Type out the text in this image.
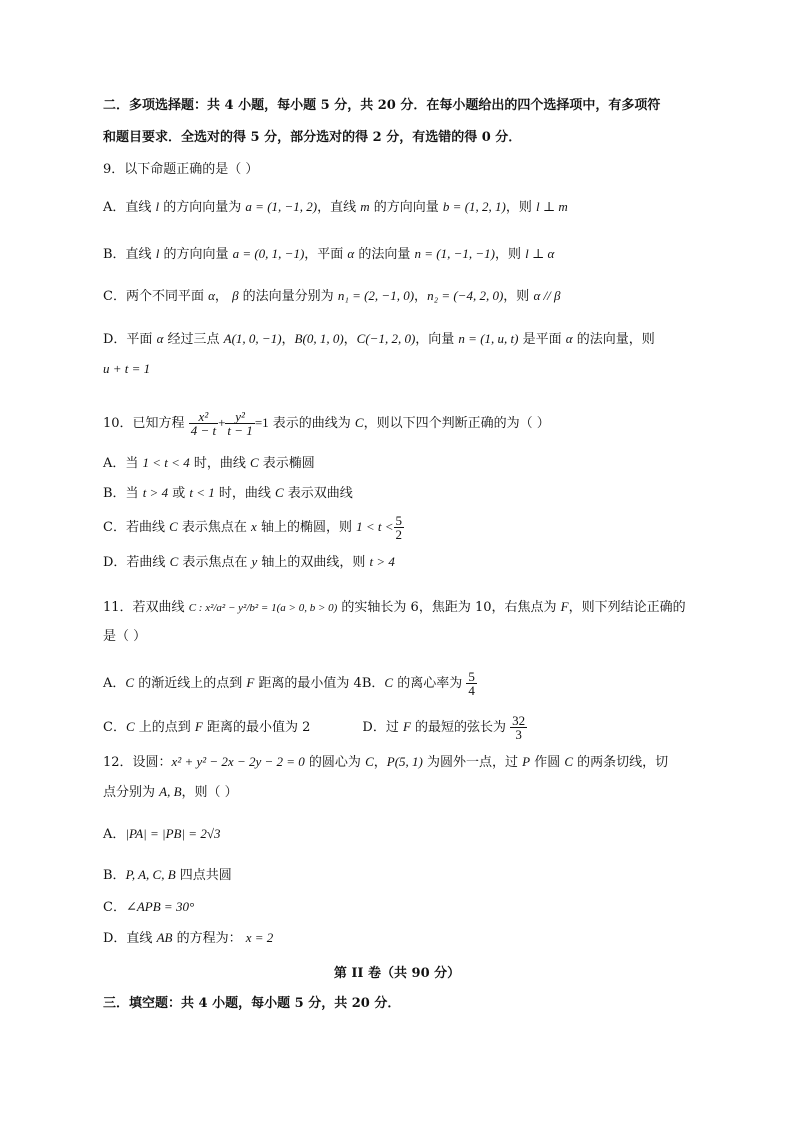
二．多项选择题：共 4 小题，每小题 5 分，共 20 分．在每小题给出的四个选择项中，有多项符
和题目要求．全选对的得 5 分，部分选对的得 2 分，有选错的得 0 分．
9．以下命题正确的是（ ）
A．直线 l 的方向向量为 a = (1, −1, 2)，直线 m 的方向向量 b = (1, 2, 1)，则 l ⊥ m
B．直线 l 的方向向量 a = (0, 1, −1)，平面 α 的法向量 n = (1, −1, −1)，则 l ⊥ α
C．两个不同平面 α， β 的法向量分别为 n₁ = (2, −1, 0)，n₂ = (−4, 2, 0)，则 α // β
D．平面 α 经过三点 A(1, 0, −1)，B(0, 1, 0)，C(−1, 2, 0)，向量 n = (1, u, t) 是平面 α 的法向量，则
u + t = 1
10．已知方程 $\frac{\text{x²}}{4 - t} + \frac{\text{y²}}{t - 1} =1$ 表示的曲线为 C，则以下四个判断正确的为（ ）
A．当 1 < t < 4 时，曲线 C 表示椭圆
B．当 t > 4 或 t < 1 时，曲线 C 表示双曲线
C．若曲线 C 表示焦点在 x 轴上的椭圆，则 $1 < t < \frac{5}{2}$
D．若曲线 C 表示焦点在 y 轴上的双曲线，则 t > 4
11．若双曲线 C : x²/a² − y²/b² = 1(a > 0, b > 0) 的实轴长为 6，焦距为 10，右焦点为 F，则下列结论正确的
是（ ）
A．C 的渐近线上的点到 F 距离的最小值为 4B．C 的离心率为 $\frac{5}{4}$
C．C 上的点到 F 距离的最小值为 2	D．过 F 的最短的弦长为 $\frac{32}{3}$
12．设圆：x² + y² − 2x − 2y − 2 = 0 的圆心为 C，P(5, 1) 为圆外一点，过 P 作圆 C 的两条切线，切
点分别为 A, B，则（ ）
A．|PA| = |PB| = 2√3
B．P, A, C, B 四点共圆
C．∠APB = 30°
D．直线 AB 的方程为： x = 2
第 II 卷（共 90 分）
三．填空题：共 4 小题，每小题 5 分，共 20 分．
